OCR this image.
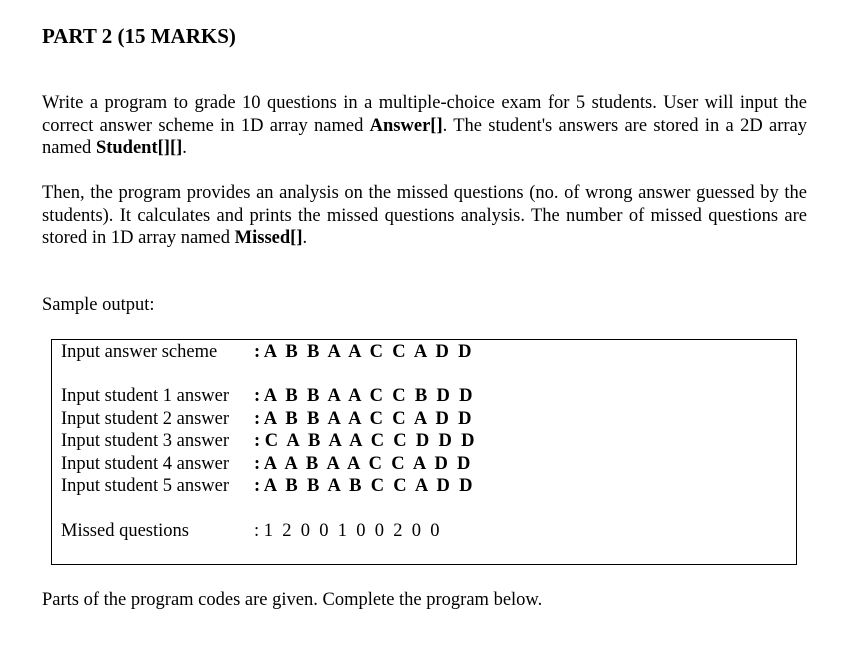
PART 2 (15 MARKS)

Write a program to grade 10 questions in a multiple-choice exam for 5 students. User will input the correct answer scheme in 1D array named Answer[]. The student's answers are stored in a 2D array named Student[][].

Then, the program provides an analysis on the missed questions (no. of wrong answer guessed by the students). It calculates and prints the missed questions analysis. The number of missed questions are stored in 1D array named Missed[].

Sample output:

Input answer scheme : A  B  B  A  A  C  C  A  D  D
Input student 1 answer : A  B  B  A  A  C  C  B  D  D
Input student 2 answer : A  B  B  A  A  C  C  A  D  D
Input student 3 answer : C  A  B  A  A  C  C  D  D  D
Input student 4 answer : A  A  B  A  A  C  C  A  D  D
Input student 5 answer : A  B  B  A  B  C  C  A  D  D
Missed questions	: 1  2  0  0  1  0  0  2  0  0

Parts of the program codes are given. Complete the program below.
